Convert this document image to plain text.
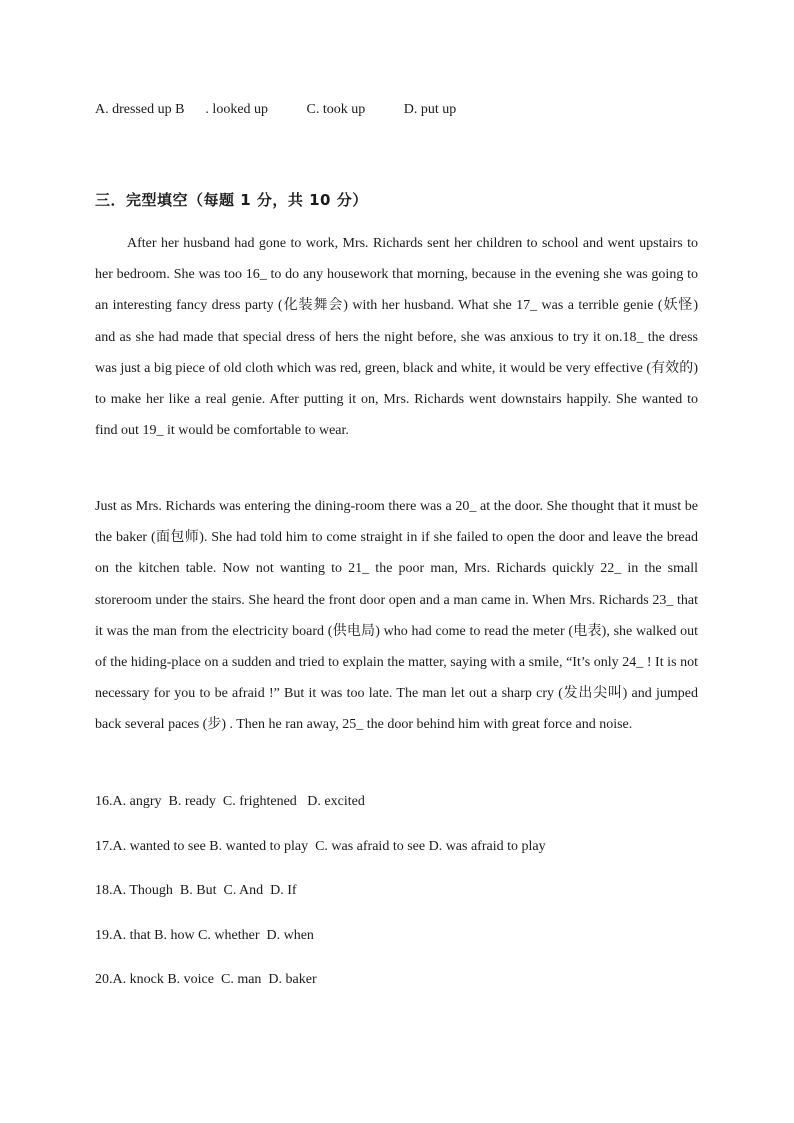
A. dressed up B      . looked up           C. took up           D. put up
三．完型填空（每题 1 分，共 10 分）

After her husband had gone to work, Mrs. Richards sent her children to school and went upstairs to her bedroom. She was too 16_ to do any housework that morning, because in the evening she was going to an interesting fancy dress party (化装舞会) with her husband. What she 17_ was a terrible genie (妖怪) and as she had made that special dress of hers the night before, she was anxious to try it on.18_ the dress was just a big piece of old cloth which was red, green, black and white, it would be very effective (有效的) to make her like a real genie. After putting it on, Mrs. Richards went downstairs happily. She wanted to find out 19_ it would be comfortable to wear.

Just as Mrs. Richards was entering the dining-room there was a 20_ at the door. She thought that it must be the baker (面包师). She had told him to come straight in if she failed to open the door and leave the bread on the kitchen table. Now not wanting to 21_ the poor man, Mrs. Richards quickly 22_ in the small storeroom under the stairs. She heard the front door open and a man came in. When Mrs. Richards 23_ that it was the man from the electricity board (供电局) who had come to read the meter (电表), she walked out of the hiding-place on a sudden and tried to explain the matter, saying with a smile, “It’s only 24_ ! It is not necessary for you to be afraid !” But it was too late. The man let out a sharp cry (发出尖叫) and jumped back several paces (步) . Then he ran away, 25_ the door behind him with great force and noise.

16.A. angry  B. ready  C. frightened   D. excited
17.A. wanted to see B. wanted to play  C. was afraid to see D. was afraid to play
18.A. Though  B. But  C. And  D. If
19.A. that B. how C. whether  D. when
20.A. knock B. voice  C. man  D. baker
